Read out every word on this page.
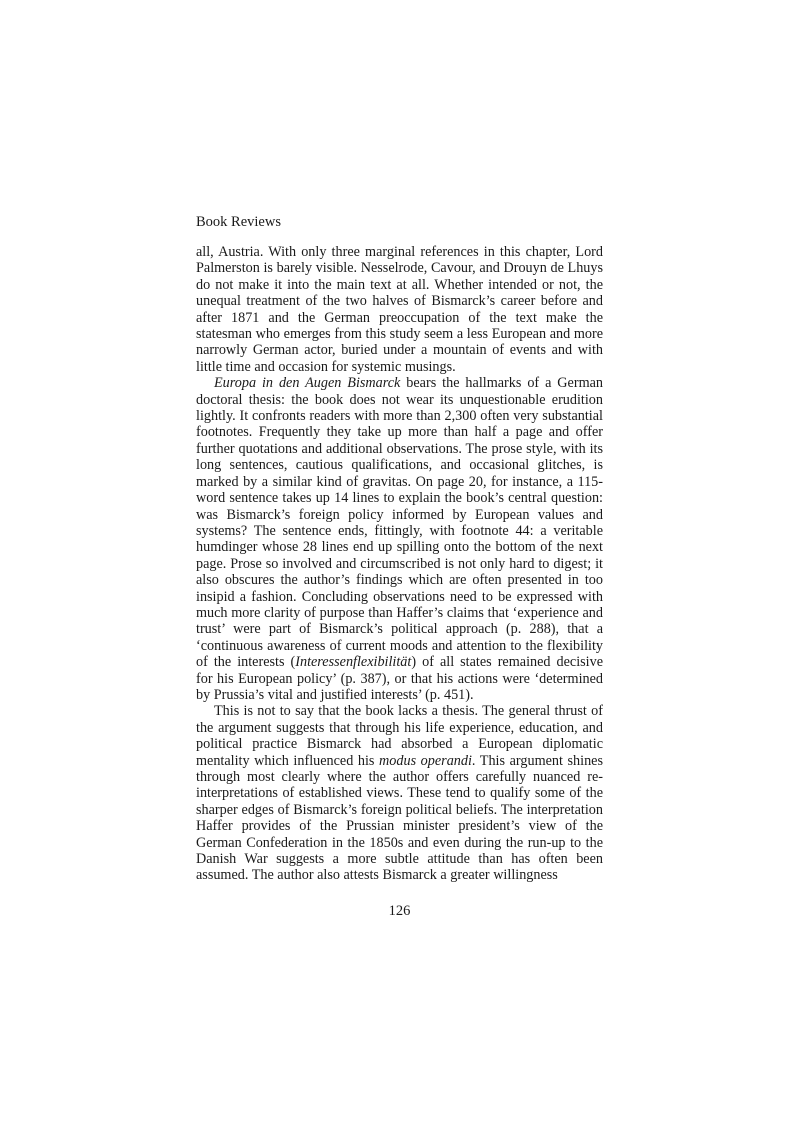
Book Reviews

all, Austria. With only three marginal references in this chapter, Lord Palmerston is barely visible. Nesselrode, Cavour, and Drouyn de Lhuys do not make it into the main text at all. Whether intended or not, the unequal treatment of the two halves of Bismarck’s career before and after 1871 and the German preoccupation of the text make the statesman who emerges from this study seem a less European and more narrowly German actor, buried under a mountain of events and with little time and occasion for systemic musings.

Europa in den Augen Bismarck bears the hallmarks of a German doctoral thesis: the book does not wear its unquestionable erudition lightly. It confronts readers with more than 2,300 often very substantial footnotes. Frequently they take up more than half a page and offer further quotations and additional observations. The prose style, with its long sentences, cautious qualifications, and occasional glitches, is marked by a similar kind of gravitas. On page 20, for instance, a 115-word sentence takes up 14 lines to explain the book’s central question: was Bismarck’s foreign policy informed by European values and systems? The sentence ends, fittingly, with footnote 44: a veritable humdinger whose 28 lines end up spilling onto the bottom of the next page. Prose so involved and circumscribed is not only hard to digest; it also obscures the author’s findings which are often presented in too insipid a fashion. Concluding observations need to be expressed with much more clarity of purpose than Haffer’s claims that ‘experience and trust’ were part of Bismarck’s political approach (p. 288), that a ‘continuous awareness of current moods and attention to the flexibility of the interests (Interessenflexibilität) of all states remained decisive for his European policy’ (p. 387), or that his actions were ‘determined by Prussia’s vital and justified interests’ (p. 451).

This is not to say that the book lacks a thesis. The general thrust of the argument suggests that through his life experience, education, and political practice Bismarck had absorbed a European diplomatic mentality which influenced his modus operandi. This argument shines through most clearly where the author offers carefully nuanced reinterpretations of established views. These tend to qualify some of the sharper edges of Bismarck’s foreign political beliefs. The interpretation Haffer provides of the Prussian minister president’s view of the German Confederation in the 1850s and even during the run-up to the Danish War suggests a more subtle attitude than has often been assumed. The author also attests Bismarck a greater willingness

126
